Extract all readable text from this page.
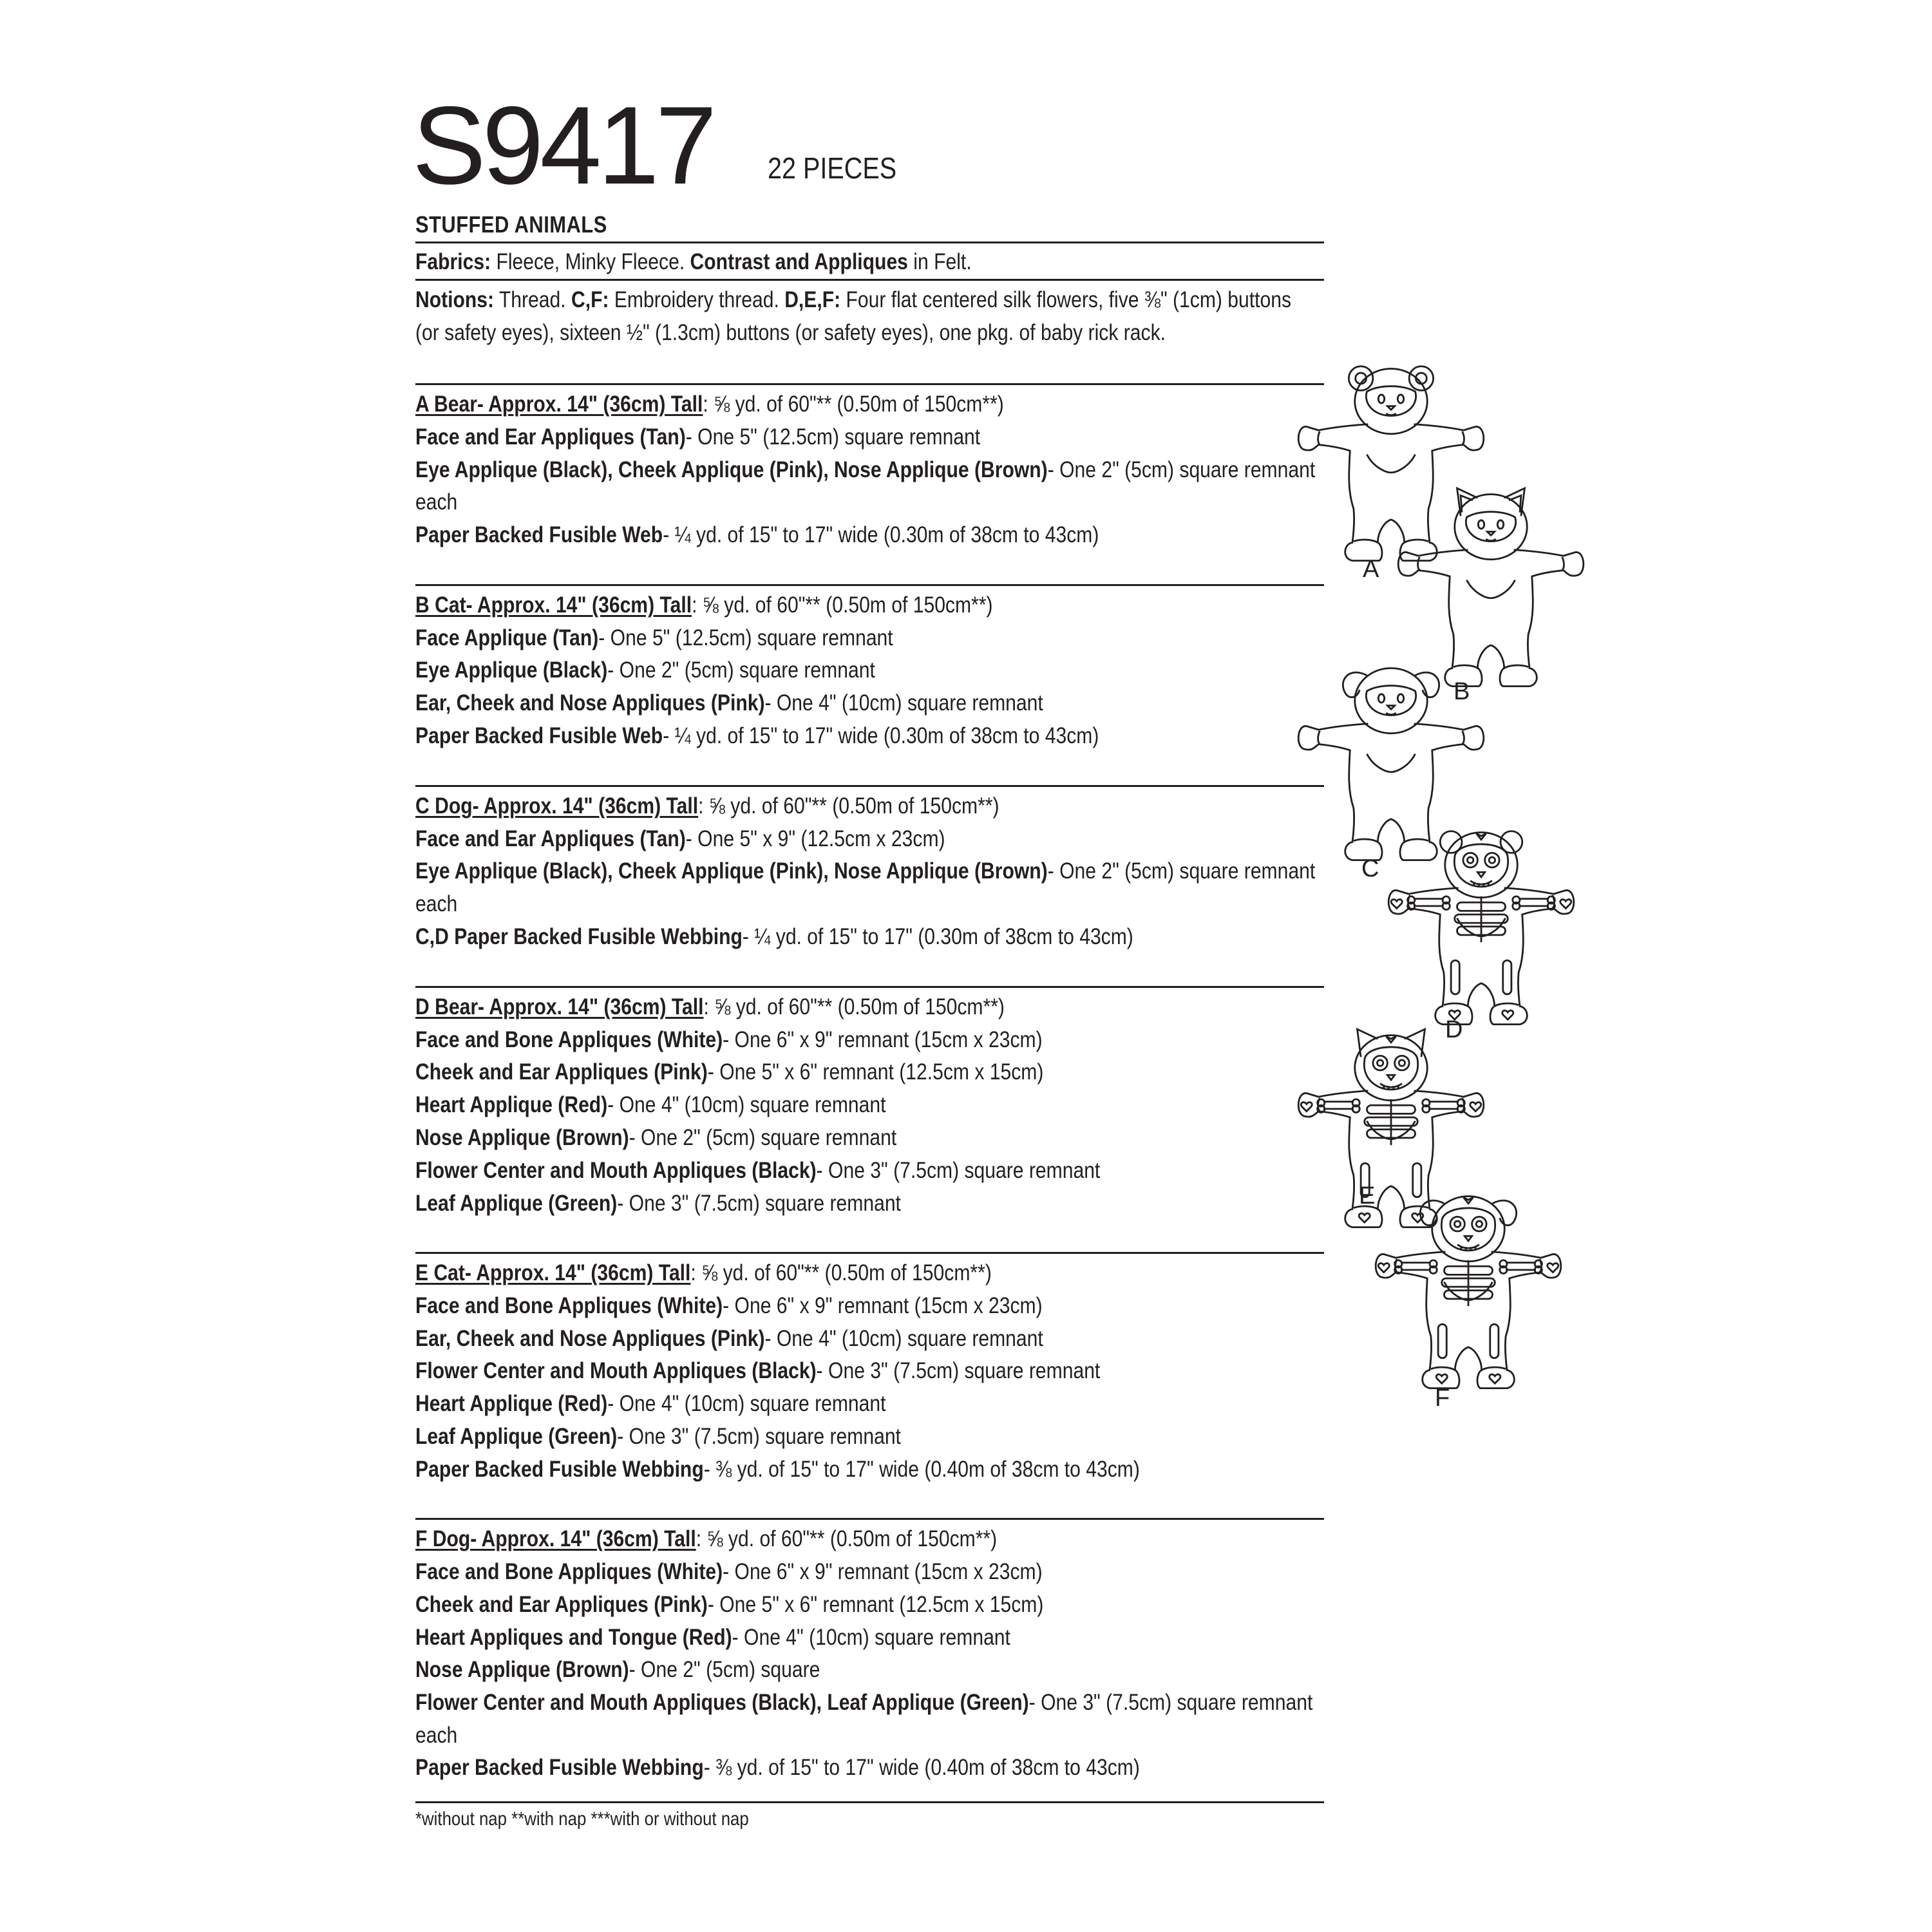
S9417 22 PIECES
STUFFED ANIMALS
Fabrics: Fleece, Minky Fleece. Contrast and Appliques in Felt.
Notions: Thread. C,F: Embroidery thread. D,E,F: Four flat centered silk flowers, five ⅜" (1cm) buttons
(or safety eyes), sixteen ½" (1.3cm) buttons (or safety eyes), one pkg. of baby rick rack.
A Bear- Approx. 14" (36cm) Tall: ⅝ yd. of 60"** (0.50m of 150cm**)
Face and Ear Appliques (Tan)- One 5" (12.5cm) square remnant
Eye Applique (Black), Cheek Applique (Pink), Nose Applique (Brown)- One 2" (5cm) square remnant
each
Paper Backed Fusible Web- ¼ yd. of 15" to 17" wide (0.30m of 38cm to 43cm)
B Cat- Approx. 14" (36cm) Tall: ⅝ yd. of 60"** (0.50m of 150cm**)
Face Applique (Tan)- One 5" (12.5cm) square remnant
Eye Applique (Black)- One 2" (5cm) square remnant
Ear, Cheek and Nose Appliques (Pink)- One 4" (10cm) square remnant
Paper Backed Fusible Web- ¼ yd. of 15" to 17" wide (0.30m of 38cm to 43cm)
C Dog- Approx. 14" (36cm) Tall: ⅝ yd. of 60"** (0.50m of 150cm**)
Face and Ear Appliques (Tan)- One 5" x 9" (12.5cm x 23cm)
Eye Applique (Black), Cheek Applique (Pink), Nose Applique (Brown)- One 2" (5cm) square remnant
each
C,D Paper Backed Fusible Webbing- ¼ yd. of 15" to 17" (0.30m of 38cm to 43cm)
D Bear- Approx. 14" (36cm) Tall: ⅝ yd. of 60"** (0.50m of 150cm**)
Face and Bone Appliques (White)- One 6" x 9" remnant (15cm x 23cm)
Cheek and Ear Appliques (Pink)- One 5" x 6" remnant (12.5cm x 15cm)
Heart Applique (Red)- One 4" (10cm) square remnant
Nose Applique (Brown)- One 2" (5cm) square remnant
Flower Center and Mouth Appliques (Black)- One 3" (7.5cm) square remnant
Leaf Applique (Green)- One 3" (7.5cm) square remnant
E Cat- Approx. 14" (36cm) Tall: ⅝ yd. of 60"** (0.50m of 150cm**)
Face and Bone Appliques (White)- One 6" x 9" remnant (15cm x 23cm)
Ear, Cheek and Nose Appliques (Pink)- One 4" (10cm) square remnant
Flower Center and Mouth Appliques (Black)- One 3" (7.5cm) square remnant
Heart Applique (Red)- One 4" (10cm) square remnant
Leaf Applique (Green)- One 3" (7.5cm) square remnant
Paper Backed Fusible Webbing- ⅜ yd. of 15" to 17" wide (0.40m of 38cm to 43cm)
F Dog- Approx. 14" (36cm) Tall: ⅝ yd. of 60"** (0.50m of 150cm**)
Face and Bone Appliques (White)- One 6" x 9" remnant (15cm x 23cm)
Cheek and Ear Appliques (Pink)- One 5" x 6" remnant (12.5cm x 15cm)
Heart Appliques and Tongue (Red)- One 4" (10cm) square remnant
Nose Applique (Brown)- One 2" (5cm) square
Flower Center and Mouth Appliques (Black), Leaf Applique (Green)- One 3" (7.5cm) square remnant
each
Paper Backed Fusible Webbing- ⅜ yd. of 15" to 17" wide (0.40m of 38cm to 43cm)
*without nap **with nap ***with or without nap
A
B
C
D
E
F
